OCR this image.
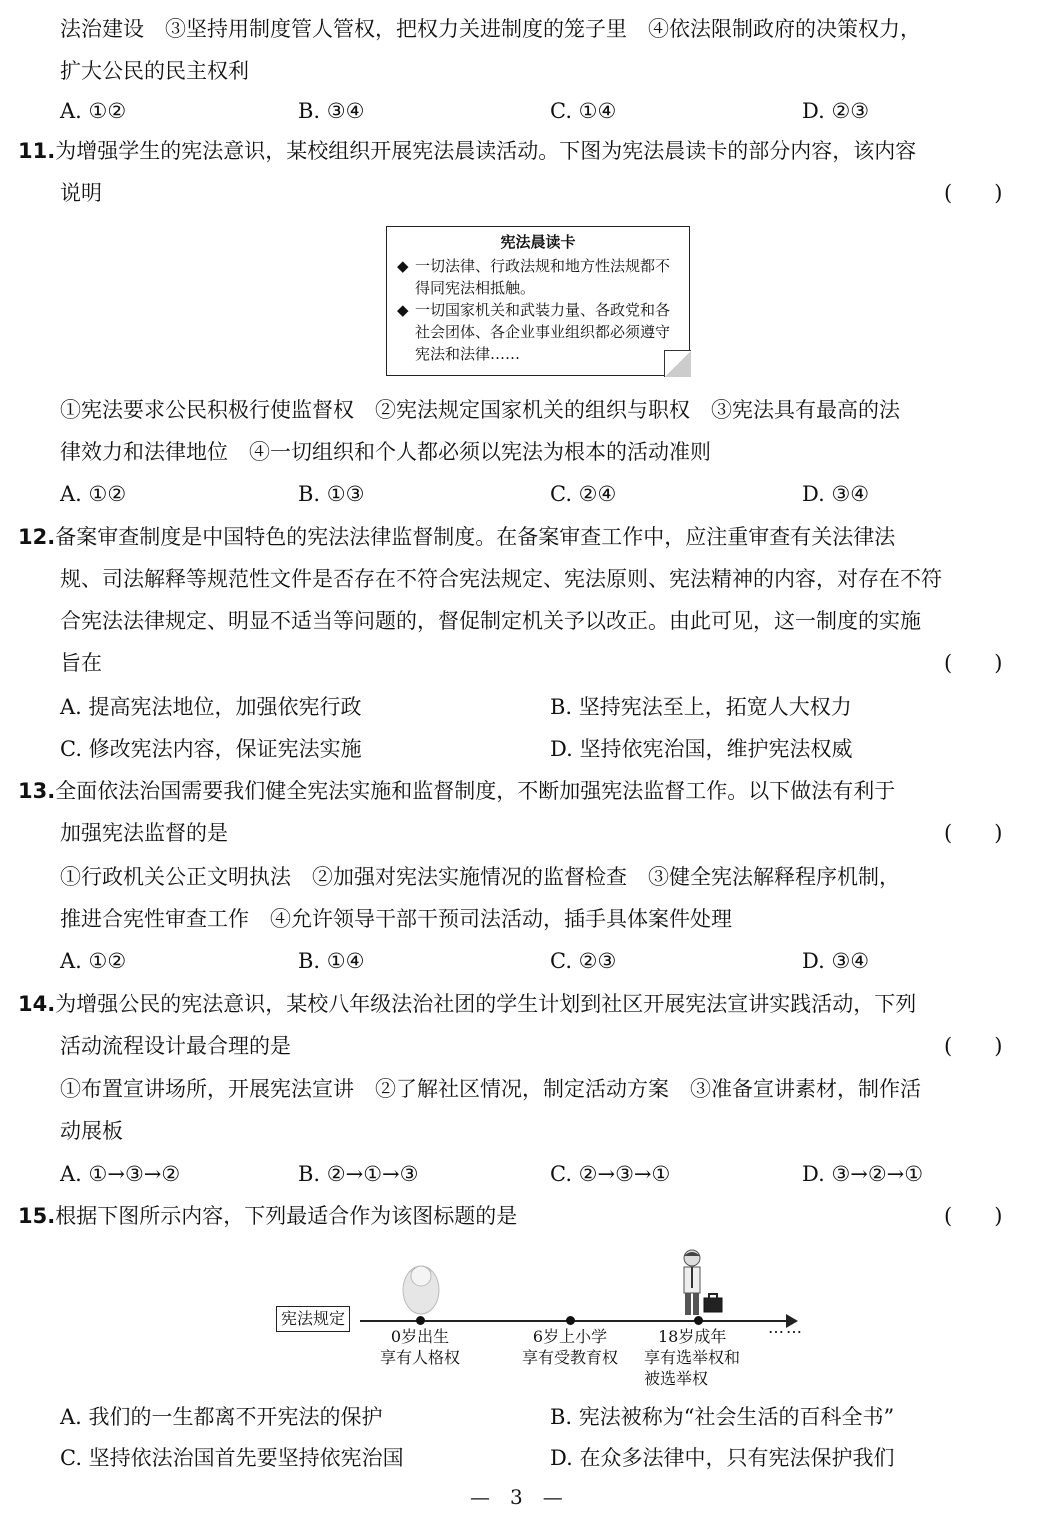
法治建设　③坚持用制度管人管权，把权力关进制度的笼子里　④依法限制政府的决策权力，
扩大公民的民主权利
A. ①②	B. ③④	C. ①④	D. ②③
11.为增强学生的宪法意识，某校组织开展宪法晨读活动。下图为宪法晨读卡的部分内容，该内容
说明	(　　)
宪法晨读卡
◆ 一切法律、行政法规和地方性法规都不得同宪法相抵触。
◆ 一切国家机关和武装力量、各政党和各社会团体、各企业事业组织都必须遵守宪法和法律……
①宪法要求公民积极行使监督权　②宪法规定国家机关的组织与职权　③宪法具有最高的法
律效力和法律地位　④一切组织和个人都必须以宪法为根本的活动准则
A. ①②	B. ①③	C. ②④	D. ③④
12.备案审查制度是中国特色的宪法法律监督制度。在备案审查工作中，应注重审查有关法律法
规、司法解释等规范性文件是否存在不符合宪法规定、宪法原则、宪法精神的内容，对存在不符
合宪法法律规定、明显不适当等问题的，督促制定机关予以改正。由此可见，这一制度的实施
旨在	(　　)
A. 提高宪法地位，加强依宪行政	B. 坚持宪法至上，拓宽人大权力
C. 修改宪法内容，保证宪法实施	D. 坚持依宪治国，维护宪法权威
13.全面依法治国需要我们健全宪法实施和监督制度，不断加强宪法监督工作。以下做法有利于
加强宪法监督的是	(　　)
①行政机关公正文明执法　②加强对宪法实施情况的监督检查　③健全宪法解释程序机制，
推进合宪性审查工作　④允许领导干部干预司法活动，插手具体案件处理
A. ①②	B. ①④	C. ②③	D. ③④
14.为增强公民的宪法意识，某校八年级法治社团的学生计划到社区开展宪法宣讲实践活动，下列
活动流程设计最合理的是	(　　)
①布置宣讲场所，开展宪法宣讲　②了解社区情况，制定活动方案　③准备宣讲素材，制作活
动展板
A. ①→③→②	B. ②→①→③	C. ②→③→①	D. ③→②→①
15.根据下图所示内容，下列最适合作为该图标题的是	(　　)
宪法规定
0岁出生
享有人格权
6岁上小学
享有受教育权
18岁成年
享有选举权和
被选举权
……
A. 我们的一生都离不开宪法的保护	B. 宪法被称为“社会生活的百科全书”
C. 坚持依法治国首先要坚持依宪治国	D. 在众多法律中，只有宪法保护我们
—　3　—
